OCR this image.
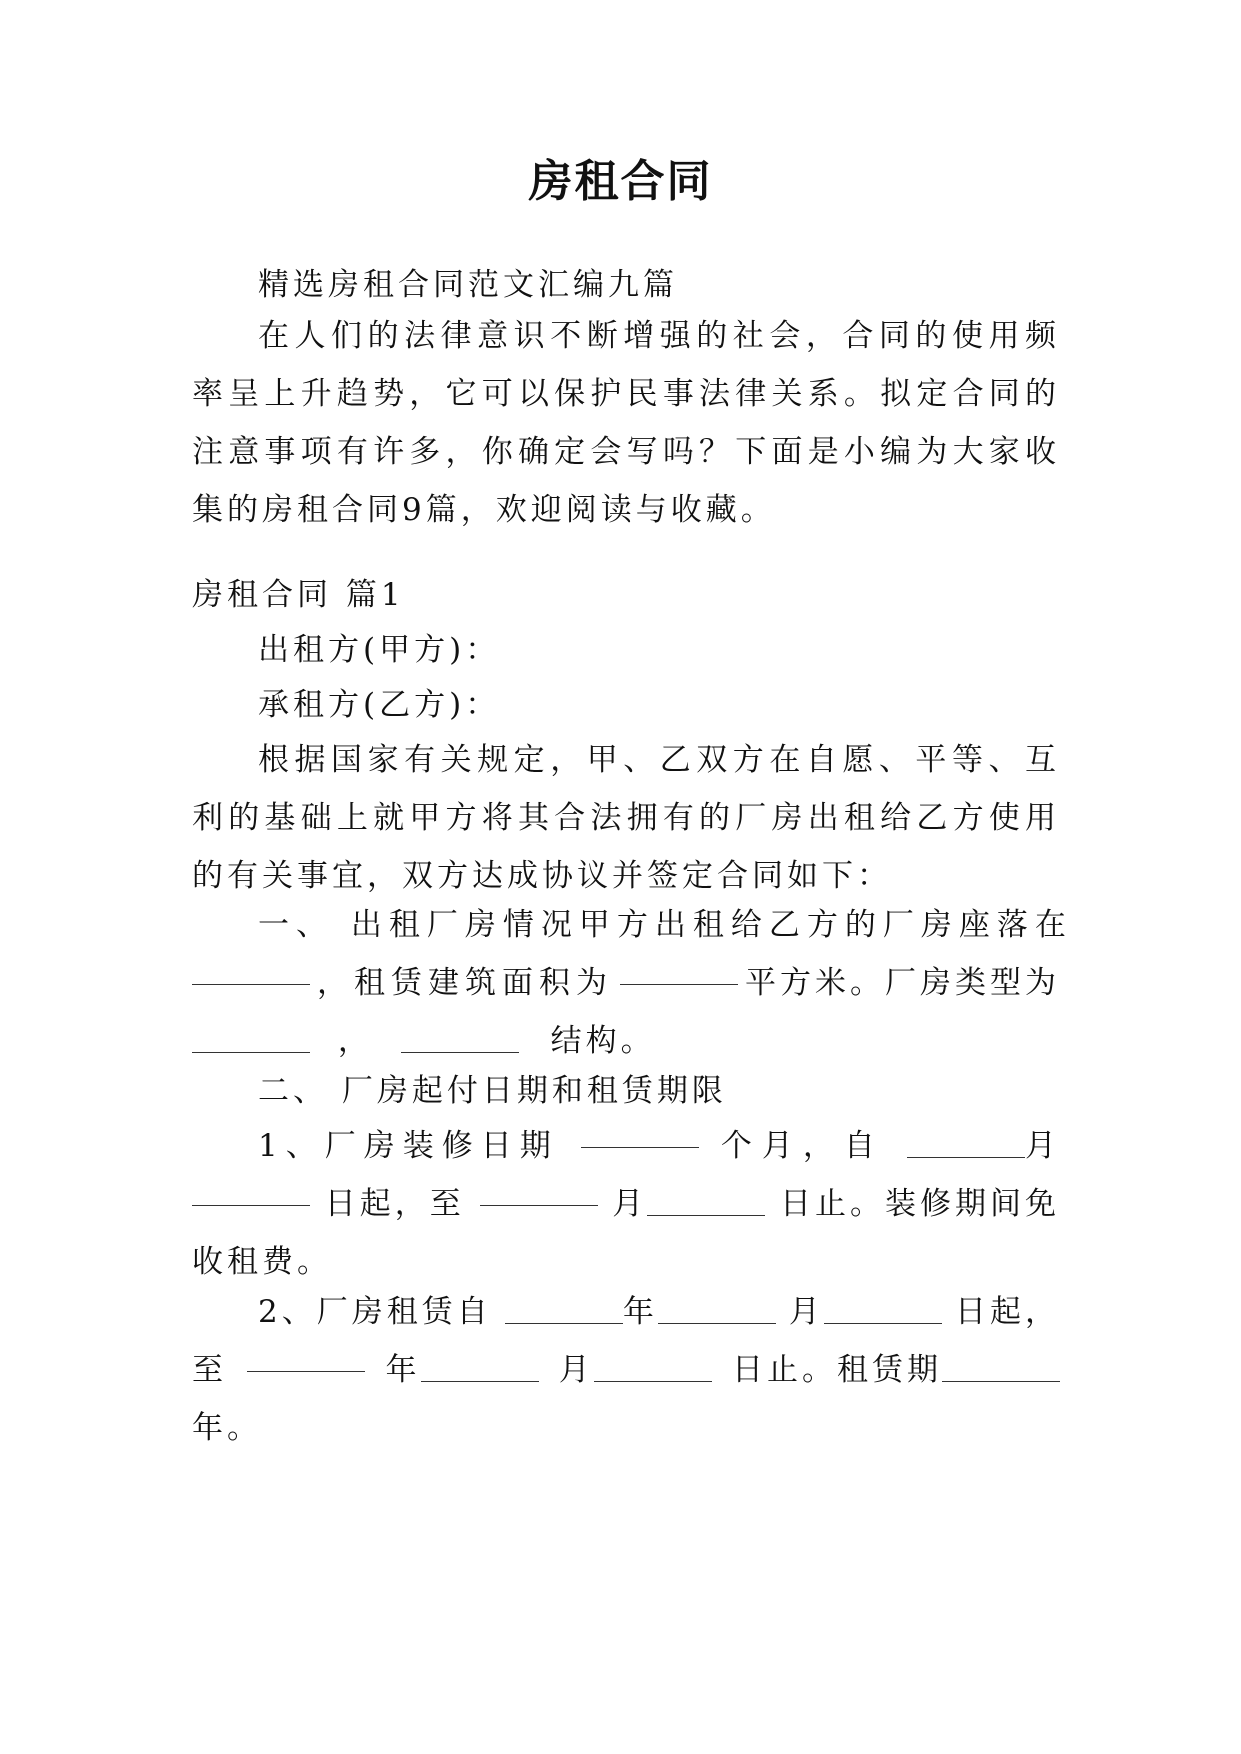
房租合同
精选房租合同范文汇编九篇
在人们的法律意识不断增强的社会，合同的使用频率呈上升趋势，它可以保护民事法律关系。拟定合同的注意事项有许多，你确定会写吗？下面是小编为大家收集的房租合同9篇，欢迎阅读与收藏。
房租合同 篇1
出租方(甲方)：
承租方(乙方)：
根据国家有关规定，甲、乙双方在自愿、平等、互利的基础上就甲方将其合法拥有的厂房出租给乙方使用的有关事宜，双方达成协议并签定合同如下：
一、 出租厂房情况甲方出租给乙方的厂房座落在
，租赁建筑面积为	平方米。厂房类型为
，	结构。
二、 厂房起付日期和租赁期限
1、厂房装修日期	个月，自	月
日起，至	月	日止。装修期间免
收租费。
2、厂房租赁自	年	月	日起，
至	年	月	日止。租赁期
年。
